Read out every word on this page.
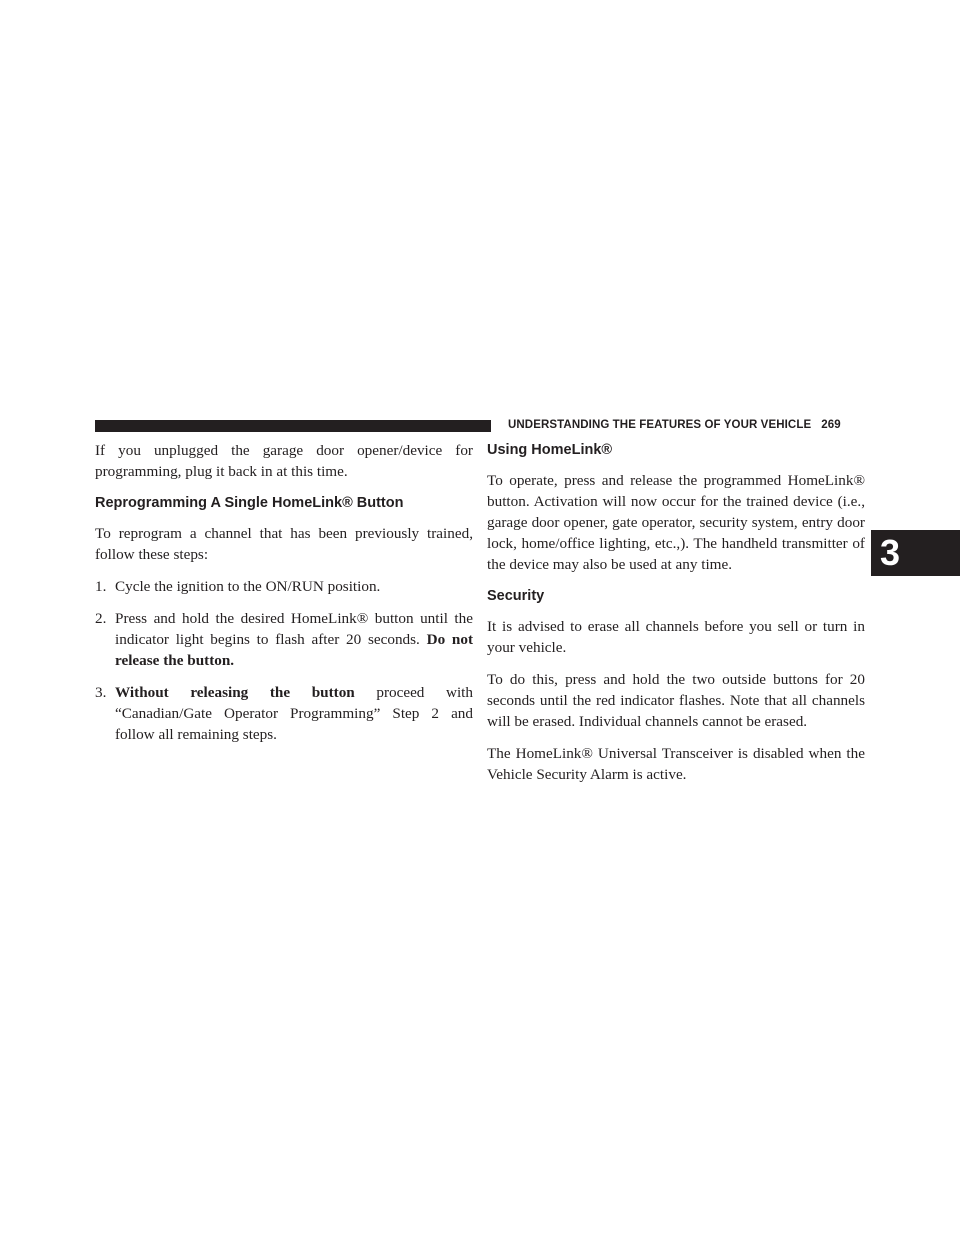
UNDERSTANDING THE FEATURES OF YOUR VEHICLE 269
3

If you unplugged the garage door opener/device for programming, plug it back in at this time.

Reprogramming A Single HomeLink® Button

To reprogram a channel that has been previously trained, follow these steps:

1. Cycle the ignition to the ON/RUN position.
2. Press and hold the desired HomeLink® button until the indicator light begins to flash after 20 seconds. Do not release the button.
3. Without releasing the button proceed with “Canadian/Gate Operator Programming” Step 2 and follow all remaining steps.
Using HomeLink®

To operate, press and release the programmed HomeLink® button. Activation will now occur for the trained device (i.e., garage door opener, gate operator, security system, entry door lock, home/office lighting, etc.,). The handheld transmitter of the device may also be used at any time.

Security

It is advised to erase all channels before you sell or turn in your vehicle.

To do this, press and hold the two outside buttons for 20 seconds until the red indicator flashes. Note that all channels will be erased. Individual channels cannot be erased.

The HomeLink® Universal Transceiver is disabled when the Vehicle Security Alarm is active.
